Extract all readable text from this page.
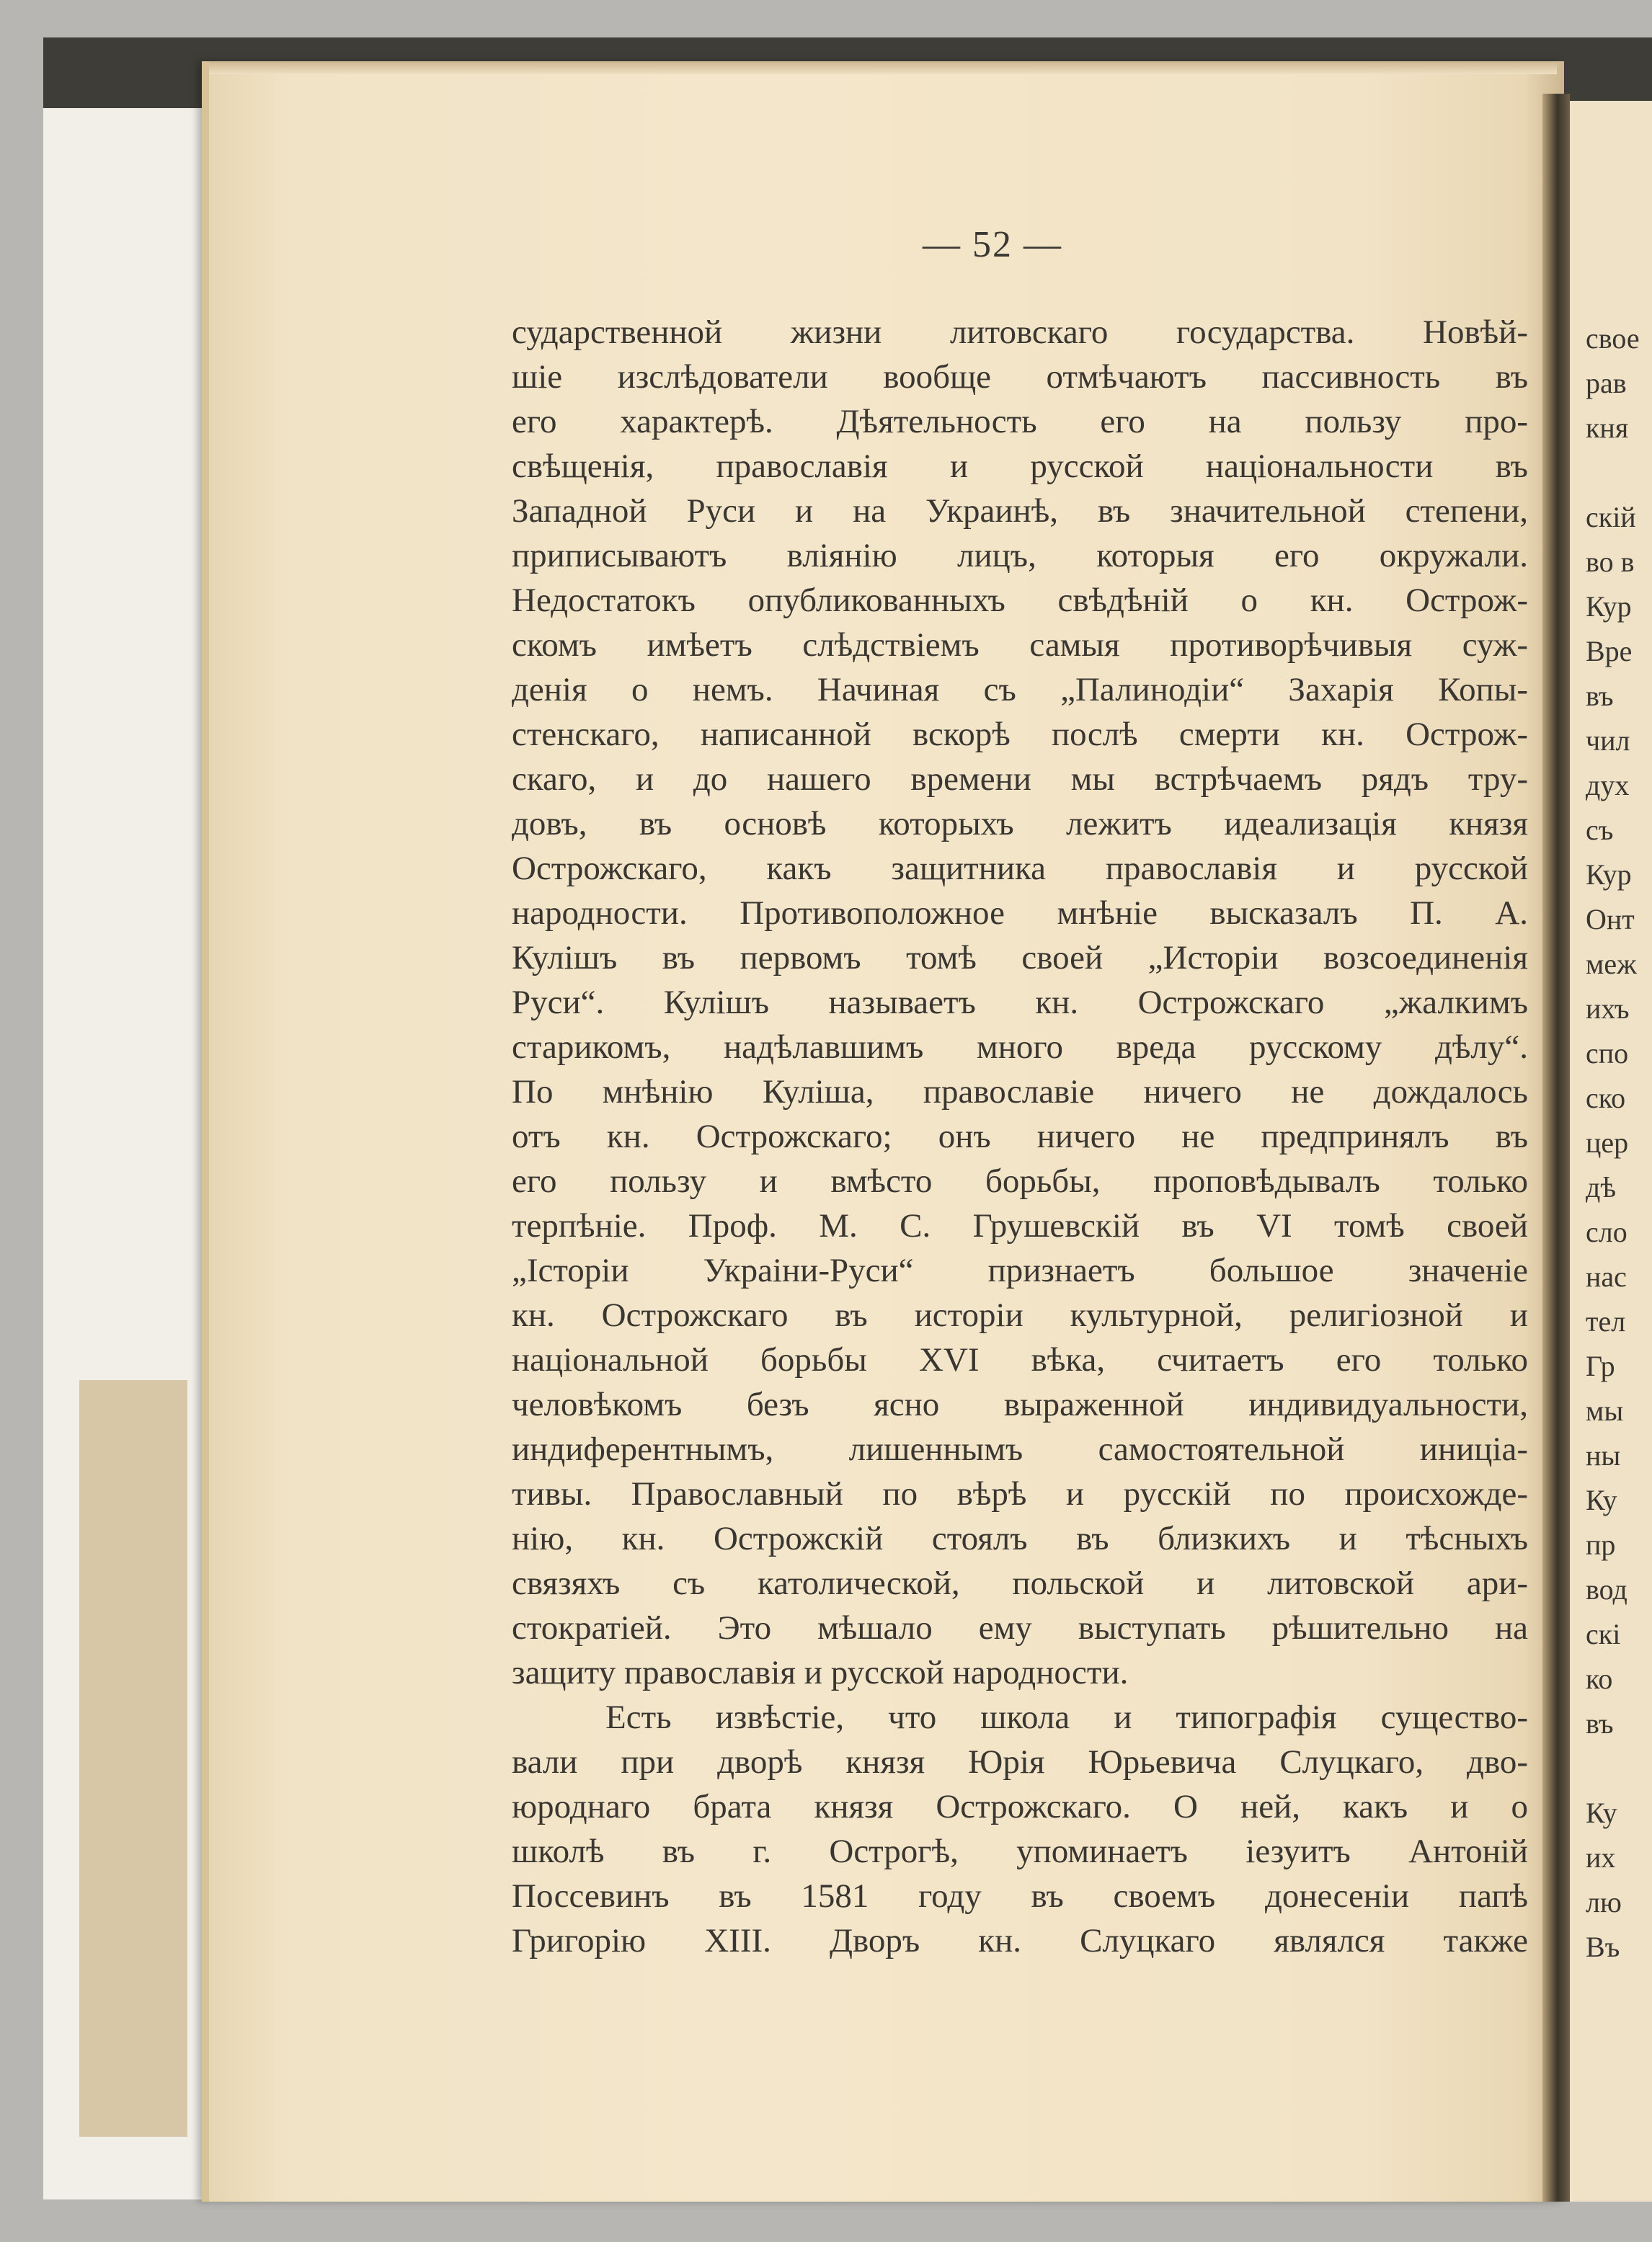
— 52 —
сударственной жизни литовскаго государства. Новѣй-
шіе изслѣдователи вообще отмѣчаютъ пассивность въ
его характерѣ. Дѣятельность его на пользу про-
свѣщенія, православія и русской національности въ
Западной Руси и на Украинѣ, въ значительной степени,
приписываютъ вліянію лицъ, которыя его окружали.
Недостатокъ опубликованныхъ свѣдѣній о кн. Острож-
скомъ имѣетъ слѣдствіемъ самыя противорѣчивыя суж-
денія о немъ. Начиная съ „Палинодіи“ Захарія Копы-
стенскаго, написанной вскорѣ послѣ смерти кн. Острож-
скаго, и до нашего времени мы встрѣчаемъ рядъ тру-
довъ, въ основѣ которыхъ лежитъ идеализація князя
Острожскаго, какъ защитника православія и русской
народности. Противоположное мнѣніе высказалъ П. А.
Кулішъ въ первомъ томѣ своей „Исторіи возсоединенія
Руси“. Кулішъ называетъ кн. Острожскаго „жалкимъ
старикомъ, надѣлавшимъ много вреда русскому дѣлу“.
По мнѣнію Куліша, православіе ничего не дождалось
отъ кн. Острожскаго; онъ ничего не предпринялъ въ
его пользу и вмѣсто борьбы, проповѣдывалъ только
терпѣніе. Проф. М. С. Грушевскій въ VI томѣ своей
„Історіи Украіни-Руси“ признаетъ большое значеніе
кн. Острожскаго въ исторіи культурной, религіозной и
національной борьбы XVI вѣка, считаетъ его только
человѣкомъ безъ ясно выраженной индивидуальности,
индиферентнымъ, лишеннымъ самостоятельной иниціа-
тивы. Православный по вѣрѣ и русскій по происхожде-
нію, кн. Острожскій стоялъ въ близкихъ и тѣсныхъ
связяхъ съ католической, польской и литовской ари-
стократіей. Это мѣшало ему выступать рѣшительно на
защиту православія и русской народности.
Есть извѣстіе, что школа и типографія существо-
вали при дворѣ князя Юрія Юрьевича Слуцкаго, дво-
юроднаго брата князя Острожскаго. О ней, какъ и о
школѣ въ г. Острогѣ, упоминаетъ іезуитъ Антоній
Поссевинъ въ 1581 году въ своемъ донесеніи папѣ
Григорію XIII. Дворъ кн. Слуцкаго являлся также
свое
рав
кня
скій
во в
Кур
Вре
въ
чил
дух
съ
Кур
Онт
меж
ихъ
спо
ско
цер
дѣ
сло
нас
тел
Гр
мы
ны
Ку
пр
вод
скі
ко
въ
Ку
их
лю
Въ
